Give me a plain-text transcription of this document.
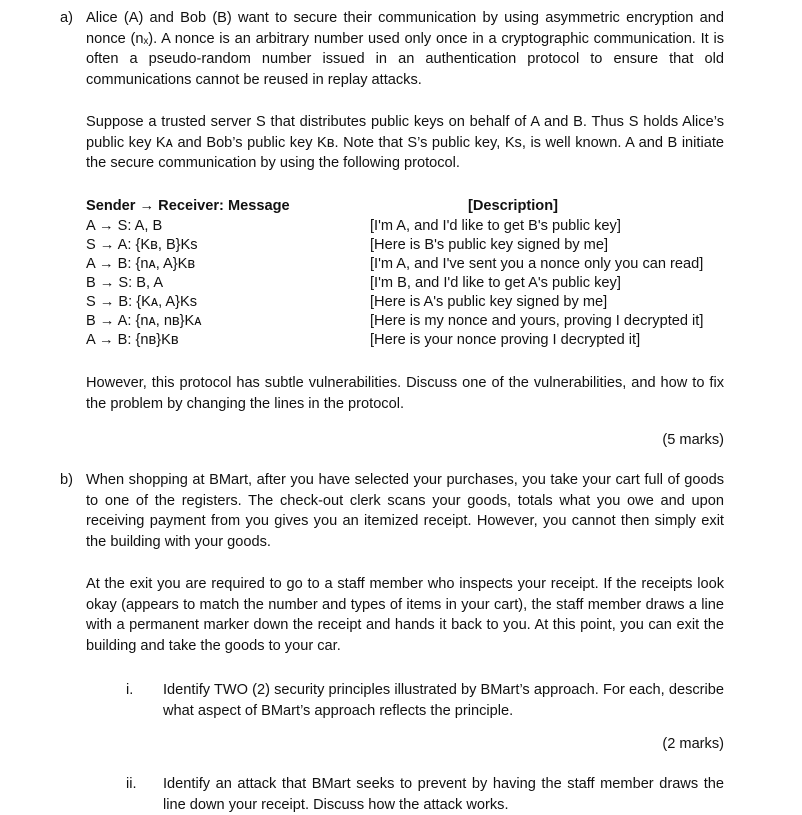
a) Alice (A) and Bob (B) want to secure their communication by using asymmetric encryption and nonce (nₓ). A nonce is an arbitrary number used only once in a cryptographic communication. It is often a pseudo-random number issued in an authentication protocol to ensure that old communications cannot be reused in replay attacks.
Suppose a trusted server S that distributes public keys on behalf of A and B. Thus S holds Alice’s public key Kᴀ and Bob’s public key Kʙ. Note that S’s public key, Ks, is well known. A and B initiate the secure communication by using the following protocol.
Sender → Receiver: Message	[Description]
A → S: A, B	[I'm A, and I'd like to get B's public key]
S → A: {Kʙ, B}Ks	[Here is B's public key signed by me]
A → B: {nᴀ, A}Kʙ	[I'm A, and I've sent you a nonce only you can read]
B → S: B, A	[I'm B, and I'd like to get A's public key]
S → B: {Kᴀ, A}Ks	[Here is A's public key signed by me]
B → A: {nᴀ, nʙ}Kᴀ	[Here is my nonce and yours, proving I decrypted it]
A → B: {nʙ}Kʙ	[Here is your nonce proving I decrypted it]
However, this protocol has subtle vulnerabilities. Discuss one of the vulnerabilities, and how to fix the problem by changing the lines in the protocol.
(5 marks)
b) When shopping at BMart, after you have selected your purchases, you take your cart full of goods to one of the registers. The check-out clerk scans your goods, totals what you owe and upon receiving payment from you gives you an itemized receipt. However, you cannot then simply exit the building with your goods.
At the exit you are required to go to a staff member who inspects your receipt. If the receipts look okay (appears to match the number and types of items in your cart), the staff member draws a line with a permanent marker down the receipt and hands it back to you. At this point, you can exit the building and take the goods to your car.
i. Identify TWO (2) security principles illustrated by BMart’s approach. For each, describe what aspect of BMart’s approach reflects the principle.
(2 marks)
ii. Identify an attack that BMart seeks to prevent by having the staff member draws the line down your receipt. Discuss how the attack works.
